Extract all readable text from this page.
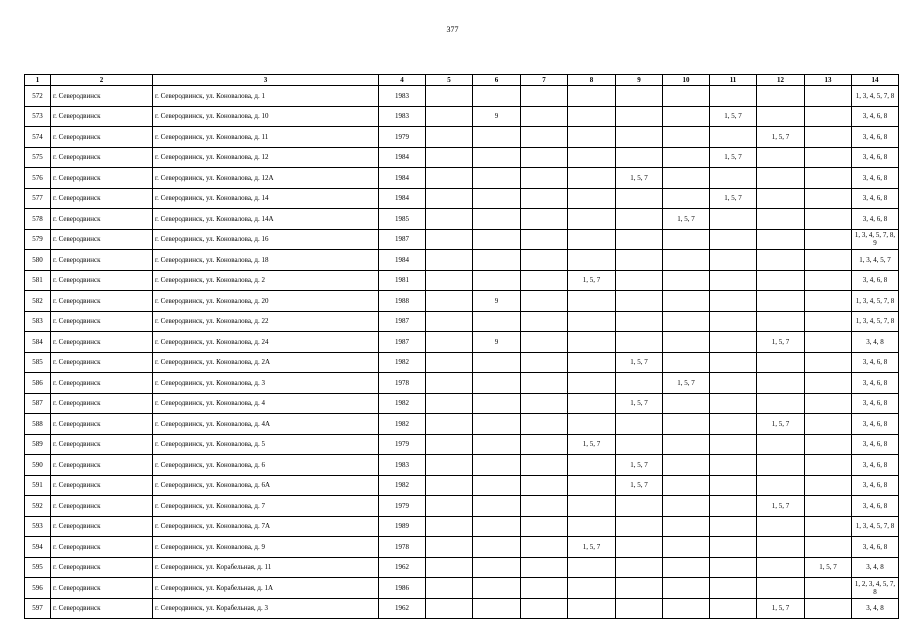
377
1	2	3	4	5	6	7	8	9	10	11	12	13	14
572	г. Северодвинск	г. Северодвинск, ул. Коновалова, д. 1	1983										1, 3, 4, 5, 7, 8
573	г. Северодвинск	г. Северодвинск, ул. Коновалова, д. 10	1983		9					1, 5, 7			3, 4, 6, 8
574	г. Северодвинск	г. Северодвинск, ул. Коновалова, д. 11	1979								1, 5, 7		3, 4, 6, 8
575	г. Северодвинск	г. Северодвинск, ул. Коновалова, д. 12	1984							1, 5, 7			3, 4, 6, 8
576	г. Северодвинск	г. Северодвинск, ул. Коновалова, д. 12А	1984					1, 5, 7					3, 4, 6, 8
577	г. Северодвинск	г. Северодвинск, ул. Коновалова, д. 14	1984							1, 5, 7			3, 4, 6, 8
578	г. Северодвинск	г. Северодвинск, ул. Коновалова, д. 14А	1985						1, 5, 7				3, 4, 6, 8
579	г. Северодвинск	г. Северодвинск, ул. Коновалова, д. 16	1987										1, 3, 4, 5, 7, 8, 9
580	г. Северодвинск	г. Северодвинск, ул. Коновалова, д. 18	1984										1, 3, 4, 5, 7
581	г. Северодвинск	г. Северодвинск, ул. Коновалова, д. 2	1981				1, 5, 7						3, 4, 6, 8
582	г. Северодвинск	г. Северодвинск, ул. Коновалова, д. 20	1988		9								1, 3, 4, 5, 7, 8
583	г. Северодвинск	г. Северодвинск, ул. Коновалова, д. 22	1987										1, 3, 4, 5, 7, 8
584	г. Северодвинск	г. Северодвинск, ул. Коновалова, д. 24	1987		9						1, 5, 7		3, 4, 8
585	г. Северодвинск	г. Северодвинск, ул. Коновалова, д. 2А	1982					1, 5, 7					3, 4, 6, 8
586	г. Северодвинск	г. Северодвинск, ул. Коновалова, д. 3	1978						1, 5, 7				3, 4, 6, 8
587	г. Северодвинск	г. Северодвинск, ул. Коновалова, д. 4	1982					1, 5, 7					3, 4, 6, 8
588	г. Северодвинск	г. Северодвинск, ул. Коновалова, д. 4А	1982								1, 5, 7		3, 4, 6, 8
589	г. Северодвинск	г. Северодвинск, ул. Коновалова, д. 5	1979				1, 5, 7						3, 4, 6, 8
590	г. Северодвинск	г. Северодвинск, ул. Коновалова, д. 6	1983					1, 5, 7					3, 4, 6, 8
591	г. Северодвинск	г. Северодвинск, ул. Коновалова, д. 6А	1982					1, 5, 7					3, 4, 6, 8
592	г. Северодвинск	г. Северодвинск, ул. Коновалова, д. 7	1979								1, 5, 7		3, 4, 6, 8
593	г. Северодвинск	г. Северодвинск, ул. Коновалова, д. 7А	1989										1, 3, 4, 5, 7, 8
594	г. Северодвинск	г. Северодвинск, ул. Коновалова, д. 9	1978				1, 5, 7						3, 4, 6, 8
595	г. Северодвинск	г. Северодвинск, ул. Корабельная, д. 11	1962									1, 5, 7	3, 4, 8
596	г. Северодвинск	г. Северодвинск, ул. Корабельная, д. 1А	1986										1, 2, 3, 4, 5, 7, 8
597	г. Северодвинск	г. Северодвинск, ул. Корабельная, д. 3	1962								1, 5, 7		3, 4, 8
